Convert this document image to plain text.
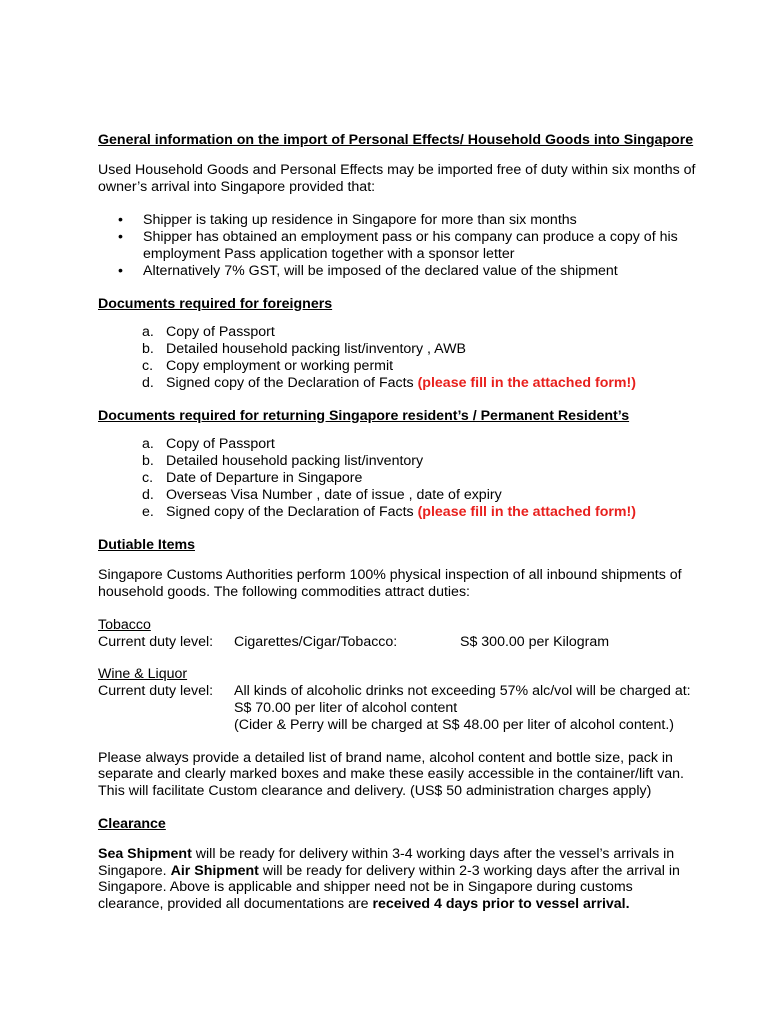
General information on the import of Personal Effects/ Household Goods into Singapore

Used Household Goods and Personal Effects may be imported free of duty within six months of owner’s arrival into Singapore provided that:

• Shipper is taking up residence in Singapore for more than six months
• Shipper has obtained an employment pass or his company can produce a copy of his employment Pass application together with a sponsor letter
• Alternatively 7% GST, will be imposed of the declared value of the shipment

Documents required for foreigners

a. Copy of Passport
b. Detailed household packing list/inventory , AWB
c. Copy employment or working permit
d. Signed copy of the Declaration of Facts (please fill in the attached form!)

Documents required for returning Singapore resident’s / Permanent Resident’s

a. Copy of Passport
b. Detailed household packing list/inventory
c. Date of Departure in Singapore
d. Overseas Visa Number , date of issue , date of expiry
e. Signed copy of the Declaration of Facts (please fill in the attached form!)

Dutiable Items

Singapore Customs Authorities perform 100% physical inspection of all inbound shipments of household goods. The following commodities attract duties:

Tobacco

Current duty level: Cigarettes/Cigar/Tobacco:	S$ 300.00 per Kilogram

Wine & Liquor

Current duty level: All kinds of alcoholic drinks not exceeding 57% alc/vol will be charged at:

S$ 70.00 per liter of alcohol content

(Cider & Perry will be charged at S$ 48.00 per liter of alcohol content.)

Please always provide a detailed list of brand name, alcohol content and bottle size, pack in separate and clearly marked boxes and make these easily accessible in the container/lift van. This will facilitate Custom clearance and delivery. (US$ 50 administration charges apply)

Clearance

Sea Shipment will be ready for delivery within 3-4 working days after the vessel’s arrivals in Singapore. Air Shipment will be ready for delivery within 2-3 working days after the arrival in Singapore. Above is applicable and shipper need not be in Singapore during customs clearance, provided all documentations are received 4 days prior to vessel arrival.
